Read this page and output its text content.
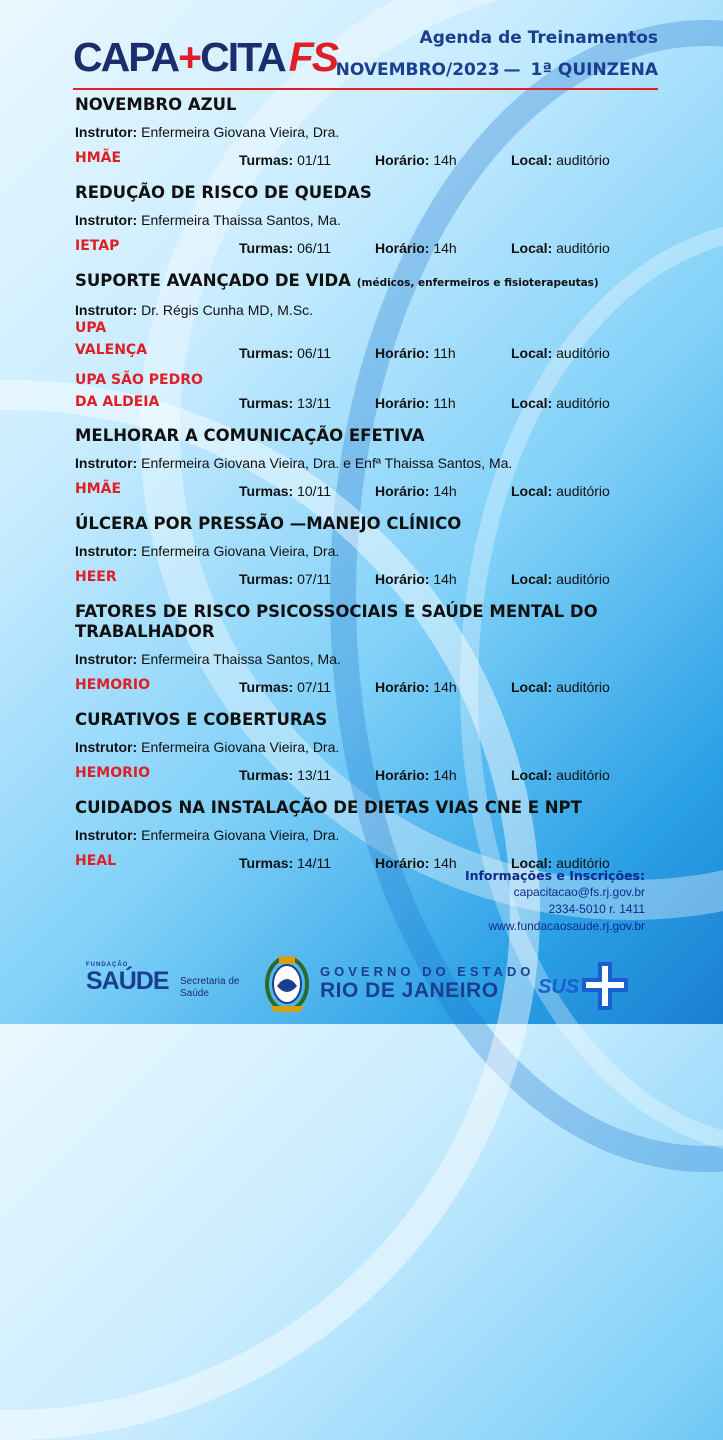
CAPA+CITAFS	Agenda de Treinamentos
NOVEMBRO/2023 — 1ª QUINZENA
NOVEMBRO AZUL
Instrutor: Enfermeira Giovana Vieira, Dra.
HMÃE	Turmas: 01/11	Horário: 14h	Local: auditório
REDUÇÃO DE RISCO DE QUEDAS
Instrutor: Enfermeira Thaissa Santos, Ma.
IETAP	Turmas: 06/11	Horário: 14h	Local: auditório
SUPORTE AVANÇADO DE VIDA (médicos, enfermeiros e fisioterapeutas)
Instrutor: Dr. Régis Cunha MD, M.Sc.
UPA
VALENÇA	Turmas: 06/11	Horário: 11h	Local: auditório
UPA SÃO PEDRO
DA ALDEIA	Turmas: 13/11	Horário: 11h	Local: auditório
MELHORAR A COMUNICAÇÃO EFETIVA
Instrutor: Enfermeira Giovana Vieira, Dra. e Enfª Thaissa Santos, Ma.
HMÃE	Turmas: 10/11	Horário: 14h	Local: auditório
ÚLCERA POR PRESSÃO —MANEJO CLÍNICO
Instrutor: Enfermeira Giovana Vieira, Dra.
HEER	Turmas: 07/11	Horário: 14h	Local: auditório
FATORES DE RISCO PSICOSSOCIAIS E SAÚDE MENTAL DO TRABALHADOR
Instrutor: Enfermeira Thaissa Santos, Ma.
HEMORIO	Turmas: 07/11	Horário: 14h	Local: auditório
CURATIVOS E COBERTURAS
Instrutor: Enfermeira Giovana Vieira, Dra.
HEMORIO	Turmas: 13/11	Horário: 14h	Local: auditório
CUIDADOS NA INSTALAÇÃO DE DIETAS VIAS CNE E NPT
Instrutor: Enfermeira Giovana Vieira, Dra.
HEAL	Turmas: 14/11	Horário: 14h	Local: auditório
Informações e Inscrições:
capacitacao@fs.rj.gov.br
2334-5010 r. 1411
www.fundacaosaude.rj.gov.br
FUNDAÇÃO
SAÚDE Secretaria de
Saúde
GOVERNO DO ESTADO
RIO DE JANEIRO	SUS
